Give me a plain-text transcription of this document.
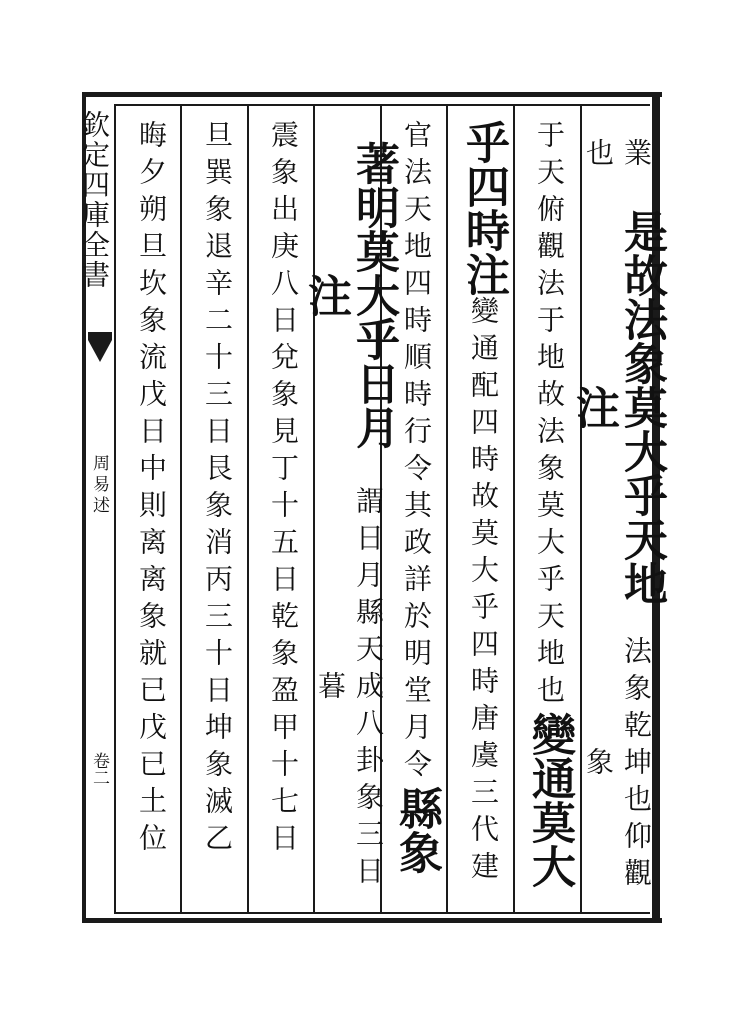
欽定四庫全書
周易述
卷二
業也
是故法象莫大乎天地注
法象乾坤也仰觀象
于天俯觀法于地故法象莫大乎天地也
變通莫大
乎四時注
變通配四時故莫大乎四時唐虞三代建
官法天地四時順時行令其政詳於明堂月令
縣象
著明莫大乎日月注
謂日月縣天成八卦象三日暮
震象出庚八日兌象見丁十五日乾象盈甲十七日
旦巽象退辛二十三日艮象消丙三十日坤象滅乙
晦夕朔旦坎象流戊日中則离离象就已戊已土位
